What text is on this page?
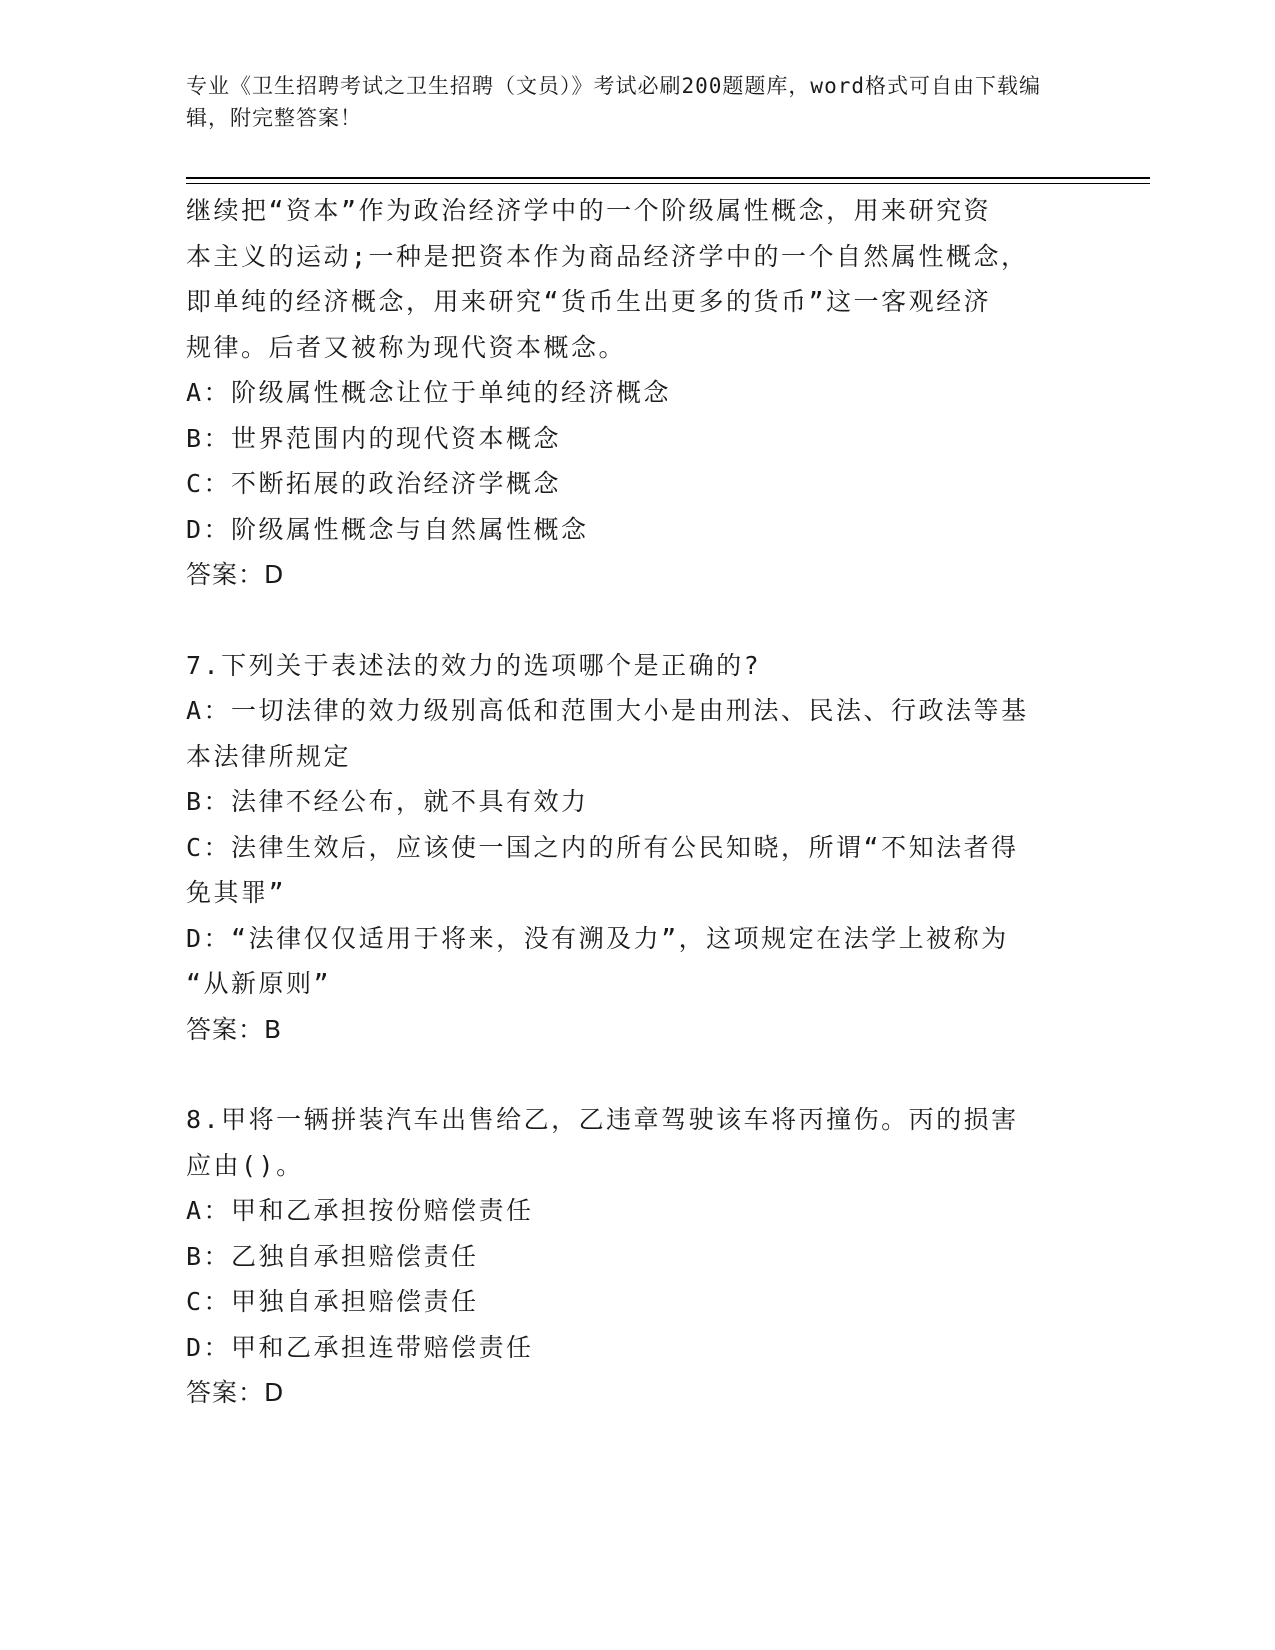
专业《卫生招聘考试之卫生招聘（文员）》考试必刷200题题库，word格式可自由下载编辑，附完整答案！
继续把“资本”作为政治经济学中的一个阶级属性概念，用来研究资
本主义的运动;一种是把资本作为商品经济学中的一个自然属性概念，
即单纯的经济概念，用来研究“货币生出更多的货币”这一客观经济
规律。后者又被称为现代资本概念。
A：阶级属性概念让位于单纯的经济概念
B：世界范围内的现代资本概念
C：不断拓展的政治经济学概念
D：阶级属性概念与自然属性概念
答案：D
7.下列关于表述法的效力的选项哪个是正确的?
A：一切法律的效力级别高低和范围大小是由刑法、民法、行政法等基
本法律所规定
B：法律不经公布，就不具有效力
C：法律生效后，应该使一国之内的所有公民知晓，所谓“不知法者得
免其罪”
D：“法律仅仅适用于将来，没有溯及力”，这项规定在法学上被称为
“从新原则”
答案：B
8.甲将一辆拼装汽车出售给乙，乙违章驾驶该车将丙撞伤。丙的损害
应由()。
A：甲和乙承担按份赔偿责任
B：乙独自承担赔偿责任
C：甲独自承担赔偿责任
D：甲和乙承担连带赔偿责任
答案：D
